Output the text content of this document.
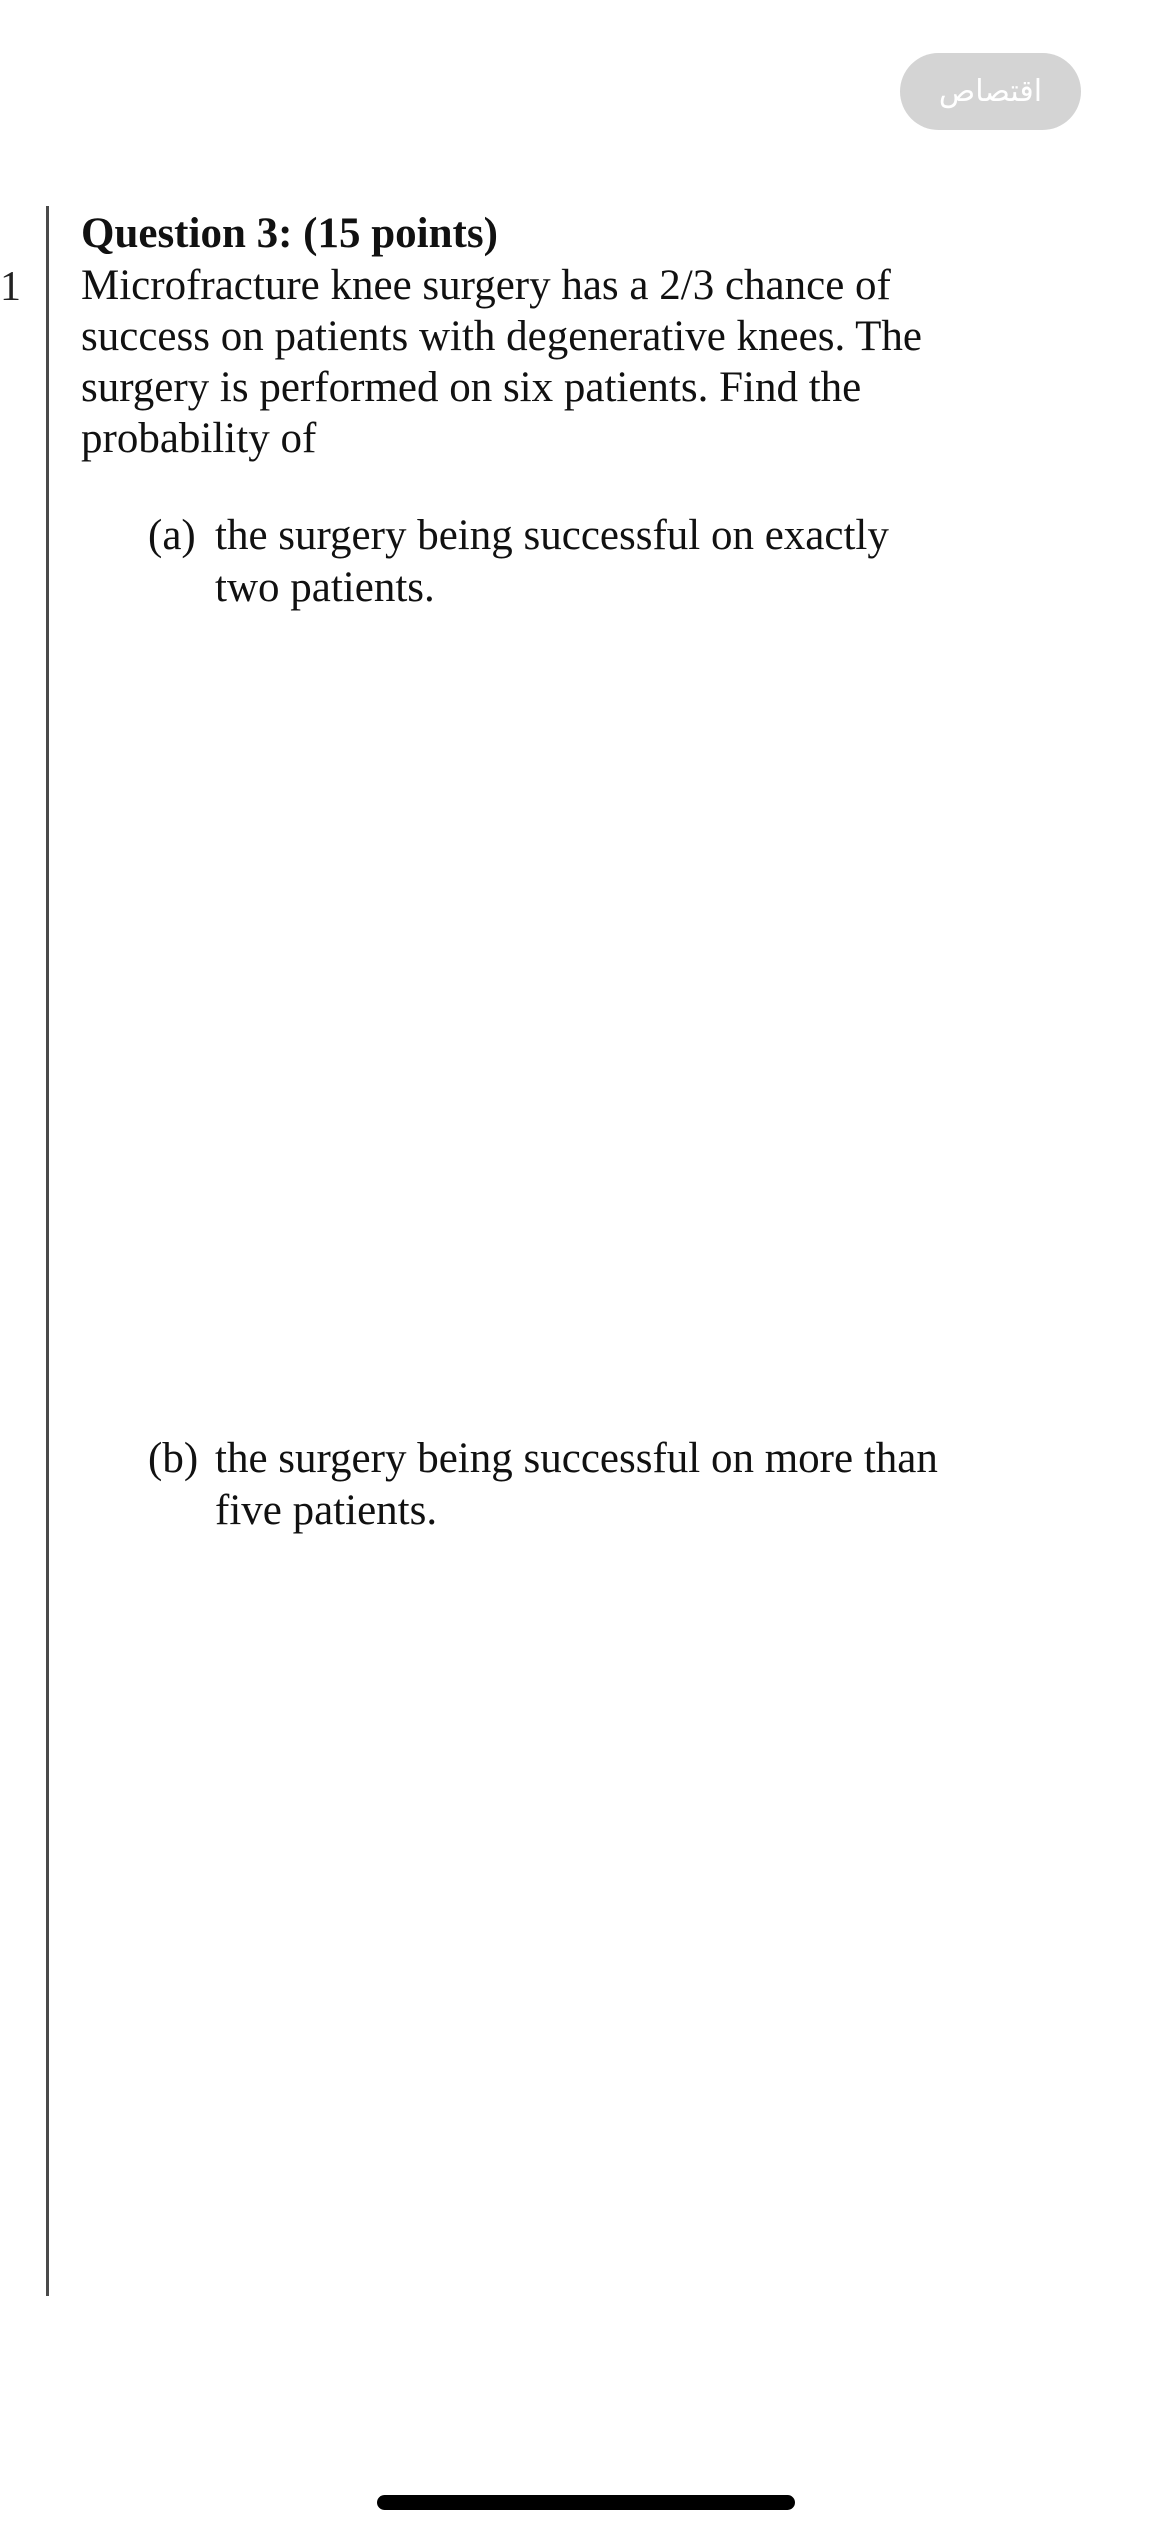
اقتصاص
1

Question 3: (15 points)

Microfracture knee surgery has a 2/3 chance of

success on patients with degenerative knees. The

surgery is performed on six patients. Find the

probability of

(a) the surgery being successful on exactly
two patients.
(b) the surgery being successful on more than
five patients.
